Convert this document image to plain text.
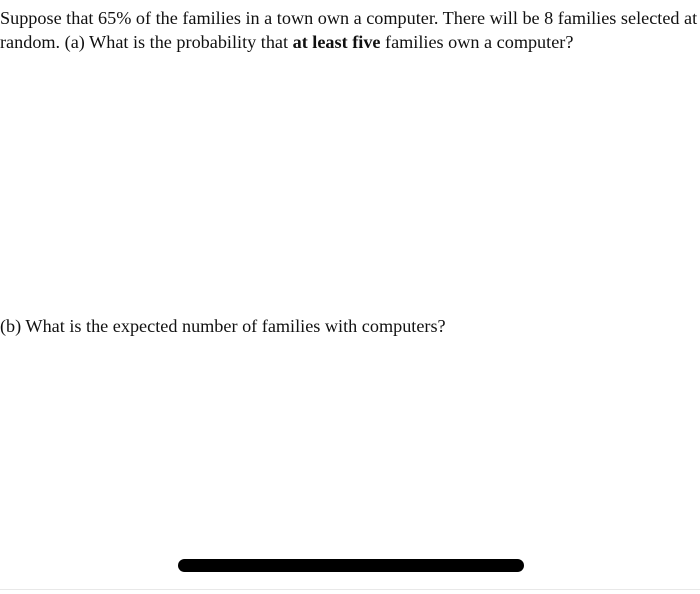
Suppose that 65% of the families in a town own a computer. There will be 8 families selected at
random. (a) What is the probability that at least five families own a computer?
(b) What is the expected number of families with computers?
